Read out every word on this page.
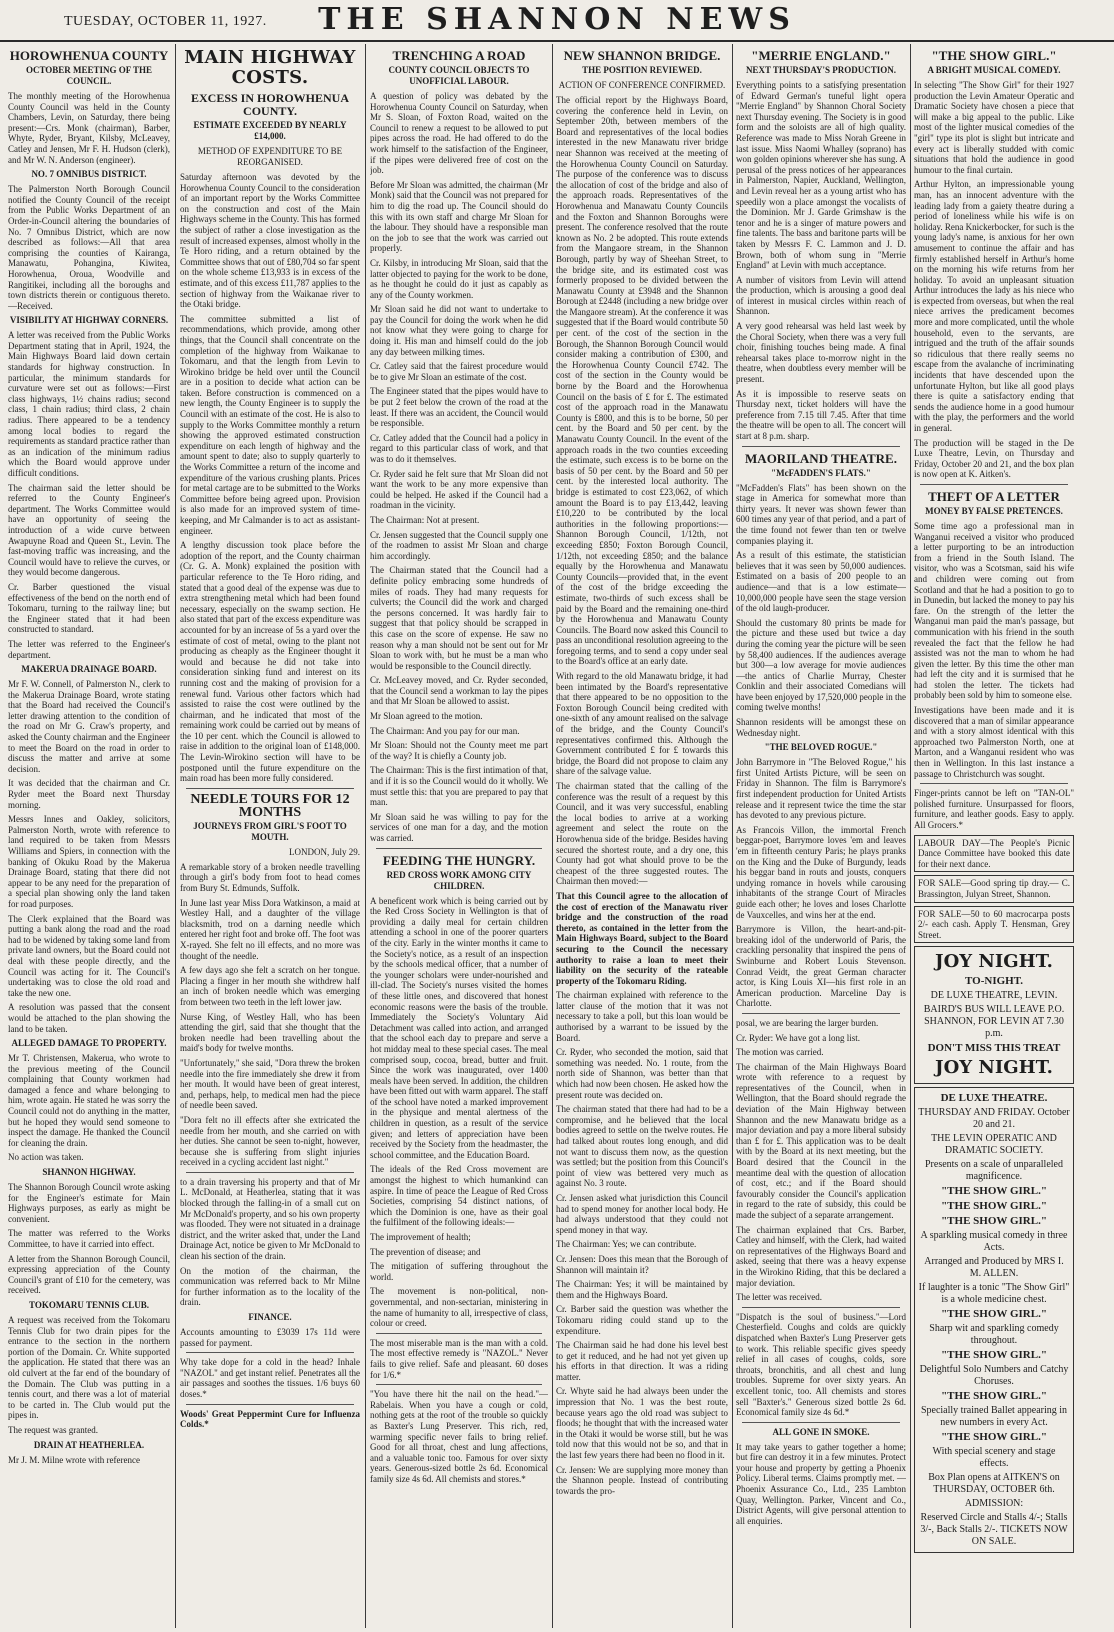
TUESDAY, OCTOBER 11, 1927.	THE SHANNON NEWS
HOROWHENUA COUNTY
OCTOBER MEETING OF THE COUNCIL.

The monthly meeting of the Horowhenua County Council was held in the County Chambers, Levin, on Saturday, there being present:—Crs. Monk (chairman), Barber, Whyte, Ryder, Bryant, Kilsby, McLeavey, Catley and Jensen, Mr F. H. Hudson (clerk), and Mr W. N. Anderson (engineer).

NO. 7 OMNIBUS DISTRICT.

The Palmerston North Borough Council notified the County Council of the receipt from the Public Works Department of an Order-in-Council altering the boundaries of No. 7 Omnibus District, which are now described as follows:—All that area comprising the counties of Kairanga, Manawatu, Pohangina, Kiwitea, Horowhenua, Oroua, Woodville and Rangitikei, including all the boroughs and town districts therein or contiguous thereto.—Received.

VISIBILITY AT HIGHWAY CORNERS.

A letter was received from the Public Works Department stating that in April, 1924, the Main Highways Board laid down certain standards for highway construction. In particular, the minimum standards for curvature were set out as follows:—First class highways, 1½ chains radius; second class, 1 chain radius; third class, 2 chain radius. There appeared to be a tendency among local bodies to regard the requirements as standard practice rather than as an indication of the minimum radius which the Board would approve under difficult conditions.

The chairman said the letter should be referred to the County Engineer's department. The Works Committee would have an opportunity of seeing the introduction of a wide curve between Awapuyne Road and Queen St., Levin. The fast-moving traffic was increasing, and the Council would have to relieve the curves, or they would become dangerous.

Cr. Barber questioned the visual effectiveness of the bend on the north end of Tokomaru, turning to the railway line; but the Engineer stated that it had been constructed to standard.

The letter was referred to the Engineer's department.

MAKERUA DRAINAGE BOARD.

Mr F. W. Connell, of Palmerston N., clerk to the Makerua Drainage Board, wrote stating that the Board had received the Council's letter drawing attention to the condition of the road on Mr G. Craw's property, and asked the County chairman and the Engineer to meet the Board on the road in order to discuss the matter and arrive at some decision.

It was decided that the chairman and Cr. Ryder meet the Board next Thursday morning.

Messrs Innes and Oakley, solicitors, Palmerston North, wrote with reference to land required to be taken from Messrs Williams and Spiers, in connection with the banking of Okuku Road by the Makerua Drainage Board, stating that there did not appear to be any need for the preparation of a special plan showing only the land taken for road purposes.

The Clerk explained that the Board was putting a bank along the road and the road had to be widened by taking some land from private land owners, but the Board could not deal with these people directly, and the Council was acting for it. The Council's undertaking was to close the old road and take the new one.

A resolution was passed that the consent would be attached to the plan showing the land to be taken.

ALLEGED DAMAGE TO PROPERTY.

Mr T. Christensen, Makerua, who wrote to the previous meeting of the Council complaining that County workmen had damaged a fence and whare belonging to him, wrote again. He stated he was sorry the Council could not do anything in the matter, but he hoped they would send someone to inspect the damage. He thanked the Council for cleaning the drain.

No action was taken.

SHANNON HIGHWAY.

The Shannon Borough Council wrote asking for the Engineer's estimate for Main Highways purposes, as early as might be convenient.

The matter was referred to the Works Committee, to have it carried into effect.

A letter from the Shannon Borough Council, expressing appreciation of the County Council's grant of £10 for the cemetery, was received.

TOKOMARU TENNIS CLUB.

A request was received from the Tokomaru Tennis Club for two drain pipes for the entrance to the section in the northern portion of the Domain. Cr. White supported the application. He stated that there was an old culvert at the far end of the boundary of the Domain. The Club was putting in a tennis court, and there was a lot of material to be carted in. The Club would put the pipes in.

The request was granted.

DRAIN AT HEATHERLEA.

Mr J. M. Milne wrote with reference

MAIN HIGHWAY COSTS.
EXCESS IN HOROWHENUA COUNTY.
ESTIMATE EXCEEDED BY NEARLY £14,000.
METHOD OF EXPENDITURE TO BE REORGANISED.

Saturday afternoon was devoted by the Horowhenua County Council to the consideration of an important report by the Works Committee on the construction and cost of the Main Highways scheme in the County. This has formed the subject of rather a close investigation as the result of increased expenses, almost wholly in the Te Horo riding, and a return obtained by the Committee shows that out of £80,704 so far spent on the whole scheme £13,933 is in excess of the estimate, and of this excess £11,787 applies to the section of highway from the Waikanae river to the Otaki bridge.

The committee submitted a list of recommendations, which provide, among other things, that the Council shall concentrate on the completion of the highway from Waikanae to Tokomaru, and that the length from Levin to Wirokino bridge be held over until the Council are in a position to decide what action can be taken. Before construction is commenced on a new length, the County Engineer is to supply the Council with an estimate of the cost. He is also to supply to the Works Committee monthly a return showing the approved estimated construction expenditure on each length of highway and the amount spent to date; also to supply quarterly to the Works Committee a return of the income and expenditure of the various crushing plants. Prices for metal cartage are to be submitted to the Works Committee before being agreed upon. Provision is also made for an improved system of time-keeping, and Mr Calmander is to act as assistant-engineer.

A lengthy discussion took place before the adoption of the report, and the County chairman (Cr. G. A. Monk) explained the position with particular reference to the Te Horo riding, and stated that a good deal of the expense was due to extra strengthening metal which had been found necessary, especially on the swamp section. He also stated that part of the excess expenditure was accounted for by an increase of 5s a yard over the estimate of cost of metal, owing to the plant not producing as cheaply as the Engineer thought it would and because he did not take into consideration sinking fund and interest on its running cost and the making of provision for a renewal fund. Various other factors which had assisted to raise the cost were outlined by the chairman, and he indicated that most of the remaining work could be carried out by means of the 10 per cent. which the Council is allowed to raise in addition to the original loan of £148,000. The Levin-Wirokino section will have to be postponed until the future expenditure on the main road has been more fully considered.

NEEDLE TOURS FOR 12 MONTHS
JOURNEYS FROM GIRL'S FOOT TO MOUTH.
LONDON, July 29.

A remarkable story of a broken needle travelling through a girl's body from foot to head comes from Bury St. Edmunds, Suffolk.

In June last year Miss Dora Watkinson, a maid at Westley Hall, and a daughter of the village blacksmith, trod on a darning needle which entered her right foot and broke off. The foot was X-rayed. She felt no ill effects, and no more was thought of the needle.

A few days ago she felt a scratch on her tongue. Placing a finger in her mouth she withdrew half an inch of broken needle which was emerging from between two teeth in the left lower jaw.

Nurse King, of Westley Hall, who has been attending the girl, said that she thought that the broken needle had been travelling about the maid's body for twelve months.

"Unfortunately," she said, "Dora threw the broken needle into the fire immediately she drew it from her mouth. It would have been of great interest, and, perhaps, help, to medical men had the piece of needle been saved.

"Dora felt no ill effects after she extricated the needle from her mouth, and she carried on with her duties. She cannot be seen to-night, however, because she is suffering from slight injuries received in a cycling accident last night."

to a drain traversing his property and that of Mr L. McDonald, at Heatherlea, stating that it was blocked through the falling-in of a small cut on Mr McDonald's property, and so his own property was flooded. They were not situated in a drainage district, and the writer asked that, under the Land Drainage Act, notice be given to Mr McDonald to clean his section of the drain.

On the motion of the chairman, the communication was referred back to Mr Milne for further information as to the locality of the drain.

FINANCE.

Accounts amounting to £3039 17s 11d were passed for payment.

Why take dope for a cold in the head? Inhale "NAZOL" and get instant relief. Penetrates all the air passages and soothes the tissues. 1/6 buys 60 doses.*

Woods' Great Peppermint Cure for Influenza Colds.*

TRENCHING A ROAD
COUNTY COUNCIL OBJECTS TO UNOFFICIAL LABOUR.

A question of policy was debated by the Horowhenua County Council on Saturday, when Mr S. Sloan, of Foxton Road, waited on the Council to renew a request to be allowed to put pipes across the road. He had offered to do the work himself to the satisfaction of the Engineer, if the pipes were delivered free of cost on the job.

Before Mr Sloan was admitted, the chairman (Mr Monk) said that the Council was not prepared for him to dig the road up. The Council should do this with its own staff and charge Mr Sloan for the labour. They should have a responsible man on the job to see that the work was carried out properly.

Cr. Kilsby, in introducing Mr Sloan, said that the latter objected to paying for the work to be done, as he thought he could do it just as capably as any of the County workmen.

Mr Sloan said he did not want to undertake to pay the Council for doing the work when he did not know what they were going to charge for doing it. His man and himself could do the job any day between milking times.

Cr. Catley said that the fairest procedure would be to give Mr Sloan an estimate of the cost.

The Engineer stated that the pipes would have to be put 2 feet below the crown of the road at the least. If there was an accident, the Council would be responsible.

Cr. Catley added that the Council had a policy in regard to this particular class of work, and that was to do it themselves.

Cr. Ryder said he felt sure that Mr Sloan did not want the work to be any more expensive than could be helped. He asked if the Council had a roadman in the vicinity.

The Chairman: Not at present.

Cr. Jensen suggested that the Council supply one of the roadmen to assist Mr Sloan and charge him accordingly.

The Chairman stated that the Council had a definite policy embracing some hundreds of miles of roads. They had many requests for culverts; the Council did the work and charged the persons concerned. It was hardly fair to suggest that that policy should be scrapped in this case on the score of expense. He saw no reason why a man should not be sent out for Mr Sloan to work with, but he must be a man who would be responsible to the Council directly.

Cr. McLeavey moved, and Cr. Ryder seconded, that the Council send a workman to lay the pipes and that Mr Sloan be allowed to assist.

Mr Sloan agreed to the motion.

The Chairman: And you pay for our man.

Mr Sloan: Should not the County meet me part of the way? It is chiefly a County job.

The Chairman: This is the first intimation of that, and if it is so the Council would do it wholly. We must settle this: that you are prepared to pay that man.

Mr Sloan said he was willing to pay for the services of one man for a day, and the motion was carried.

FEEDING THE HUNGRY.
RED CROSS WORK AMONG CITY CHILDREN.

A beneficent work which is being carried out by the Red Cross Society in Wellington is that of providing a daily meal for certain children attending a school in one of the poorer quarters of the city. Early in the winter months it came to the Society's notice, as a result of an inspection by the schools medical officer, that a number of the younger scholars were under-nourished and ill-clad. The Society's nurses visited the homes of these little ones, and discovered that honest economic reasons were the basis of the trouble. Immediately the Society's Voluntary Aid Detachment was called into action, and arranged that the school each day to prepare and serve a hot midday meal to these special cases. The meal comprised soup, cocoa, bread, butter and fruit. Since the work was inaugurated, over 1400 meals have been served. In addition, the children have been fitted out with warm apparel. The staff of the school have noted a marked improvement in the physique and mental alertness of the children in question, as a result of the service given; and letters of appreciation have been received by the Society from the headmaster, the school committee, and the Education Board.

The ideals of the Red Cross movement are amongst the highest to which humankind can aspire. In time of peace the League of Red Cross Societies, comprising 54 distinct nations, of which the Dominion is one, have as their goal the fulfilment of the following ideals:—

The improvement of health;

The prevention of disease; and

The mitigation of suffering throughout the world.

The movement is non-political, non-governmental, and non-sectarian, ministering in the name of humanity to all, irrespective of class, colour or creed.

The most miserable man is the man with a cold. The most effective remedy is "NAZOL." Never fails to give relief. Safe and pleasant. 60 doses for 1/6.*

"You have there hit the nail on the head."—Rabelais. When you have a cough or cold, nothing gets at the root of the trouble so quickly as Baxter's Lung Preserver. This rich, red, warming specific never fails to bring relief. Good for all throat, chest and lung affections, and a valuable tonic too. Famous for over sixty years. Generous-sized bottle 2s 6d. Economical family size 4s 6d. All chemists and stores.*

NEW SHANNON BRIDGE.
THE POSITION REVIEWED.
ACTION OF CONFERENCE CONFIRMED.

The official report by the Highways Board, covering the conference held in Levin, on September 20th, between members of the Board and representatives of the local bodies interested in the new Manawatu river bridge near Shannon was received at the meeting of the Horowhenua County Council on Saturday. The purpose of the conference was to discuss the allocation of cost of the bridge and also of the approach roads. Representatives of the Horowhenua and Manawatu County Councils and the Foxton and Shannon Boroughs were present. The conference resolved that the route known as No. 2 be adopted. This route extends from the Mangaore stream, in the Shannon Borough, partly by way of Sheehan Street, to the bridge site, and its estimated cost was formerly proposed to be divided between the Manawatu County at £3948 and the Shannon Borough at £2448 (including a new bridge over the Mangaore stream). At the conference it was suggested that if the Board would contribute 50 per cent. of the cost of the section in the Borough, the Shannon Borough Council would consider making a contribution of £300, and the Horowhenua County Council £742. The cost of the section in the County would be borne by the Board and the Horowhenua Council on the basis of £ for £. The estimated cost of the approach road in the Manawatu County is £800, and this is to be borne, 50 per cent. by the Board and 50 per cent. by the Manawatu County Council. In the event of the approach roads in the two counties exceeding the estimate, such excess is to be borne on the basis of 50 per cent. by the Board and 50 per cent. by the interested local authority. The bridge is estimated to cost £23,062, of which amount the Board is to pay £13,442, leaving £10,220 to be contributed by the local authorities in the following proportions:—Shannon Borough Council, 1/12th, not exceeding £850; Foxton Borough Council, 1/12th, not exceeding £850; and the balance equally by the Horowhenua and Manawatu County Councils—provided that, in the event of the cost of the bridge exceeding the estimate, two-thirds of such excess shall be paid by the Board and the remaining one-third by the Horowhenua and Manawatu County Councils. The Board now asked this Council to pass an unconditional resolution agreeing to the foregoing terms, and to send a copy under seal to the Board's office at an early date.

With regard to the old Manawatu bridge, it had been intimated by the Board's representative that there appeared to be no opposition to the Foxton Borough Council being credited with one-sixth of any amount realised on the salvage of the bridge, and the County Council's representatives confirmed this. Although the Government contributed £ for £ towards this bridge, the Board did not propose to claim any share of the salvage value.

The chairman stated that the calling of the conference was the result of a request by this Council, and it was very successful, enabling the local bodies to arrive at a working agreement and select the route on the Horowhenua side of the bridge. Besides having secured the shortest route, and a dry one, this County had got what should prove to be the cheapest of the three suggested routes. The Chairman then moved:—

That this Council agree to the allocation of the cost of erection of the Manawatu river bridge and the construction of the road thereto, as contained in the letter from the Main Highways Board, subject to the Board securing to the Council the necessary authority to raise a loan to meet their liability on the security of the rateable property of the Tokomaru Riding.

The chairman explained with reference to the latter clause of the motion that it was not necessary to take a poll, but this loan would be authorised by a warrant to be issued by the Board.

Cr. Ryder, who seconded the motion, said that something was needed. No. 1 route, from the north side of Shannon, was better than that which had now been chosen. He asked how the present route was decided on.

The chairman stated that there had had to be a compromise, and he believed that the local bodies agreed to settle on the twelve routes. He had talked about routes long enough, and did not want to discuss them now, as the question was settled; but the position from this Council's point of view was bettered very much as against No. 3 route.

Cr. Jensen asked what jurisdiction this Council had to spend money for another local body. He had always understood that they could not spend money in that way.

The Chairman: Yes; we can contribute.

Cr. Jensen: Does this mean that the Borough of Shannon will maintain it?

The Chairman: Yes; it will be maintained by them and the Highways Board.

Cr. Barber said the question was whether the Tokomaru riding could stand up to the expenditure.

The Chairman said he had done his level best to get it reduced, and he had not yet given up his efforts in that direction. It was a riding matter.

Cr. Whyte said he had always been under the impression that No. 1 was the best route, because years ago the old road was subject to floods; he thought that with the increased water in the Otaki it would be worse still, but he was told now that this would not be so, and that in the last few years there had been no flood in it.

Cr. Jensen: We are supplying more money than the Shannon people. Instead of contributing towards the pro-

"MERRIE ENGLAND."
NEXT THURSDAY'S PRODUCTION.

Everything points to a satisfying presentation of Edward German's tuneful light opera "Merrie England" by Shannon Choral Society next Thursday evening. The Society is in good form and the soloists are all of high quality. Reference was made to Miss Norah Greene in last issue. Miss Naomi Whalley (soprano) has won golden opinions wherever she has sung. A perusal of the press notices of her appearances in Palmerston, Napier, Auckland, Wellington, and Levin reveal her as a young artist who has speedily won a place amongst the vocalists of the Dominion. Mr J. Garde Grimshaw is the tenor and he is a singer of mature powers and fine talents. The bass and baritone parts will be taken by Messrs F. C. Lammon and J. D. Brown, both of whom sung in "Merrie England" at Levin with much acceptance.

A number of visitors from Levin will attend the production, which is arousing a good deal of interest in musical circles within reach of Shannon.

A very good rehearsal was held last week by the Choral Society, when there was a very full choir, finishing touches being made. A final rehearsal takes place to-morrow night in the theatre, when doubtless every member will be present.

As it is impossible to reserve seats on Thursday next, ticket holders will have the preference from 7.15 till 7.45. After that time the theatre will be open to all. The concert will start at 8 p.m. sharp.

MAORILAND THEATRE.
"McFADDEN'S FLATS."

"McFadden's Flats" has been shown on the stage in America for somewhat more than thirty years. It never was shown fewer than 600 times any year of that period, and a part of the time found not fewer than ten or twelve companies playing it.

As a result of this estimate, the statistician believes that it was seen by 50,000 audiences. Estimated on a basis of 200 people to an audience—and that is a low estimate—10,000,000 people have seen the stage version of the old laugh-producer.

Should the customary 80 prints be made for the picture and these used but twice a day during the coming year the picture will be seen by 58,400 audiences. If the audiences average but 300—a low average for movie audiences—the antics of Charlie Murray, Chester Conklin and their associated Comedians will have been enjoyed by 17,520,000 people in the coming twelve months!

Shannon residents will be amongst these on Wednesday night.

"THE BELOVED ROGUE."

John Barrymore in "The Beloved Rogue," his first United Artists Picture, will be seen on Friday in Shannon. The film is Barrymore's first independent production for United Artists release and it represent twice the time the star has devoted to any previous picture.

As Francois Villon, the immortal French beggar-poet, Barrymore loves 'em and leaves 'em in fifteenth century Paris; he plays pranks on the King and the Duke of Burgundy, leads his beggar band in routs and jousts, conquers undying romance in hovels while carousing inhabitants of the strange Court of Miracles guide each other; he loves and loses Charlotte de Vauxcelles, and wins her at the end.

Barrymore is Villon, the heart-and-pit-breaking idol of the underworld of Paris, the crackling personality that inspired the pens of Swinburne and Robert Louis Stevenson. Conrad Veidt, the great German character actor, is King Louis XI—his first role in an American production. Marceline Day is Charlotte.

posal, we are bearing the larger burden.

Cr. Ryder: We have got a long list.

The motion was carried.

The chairman of the Main Highways Board wrote with reference to a request by representatives of the Council, when in Wellington, that the Board should regrade the deviation of the Main Highway between Shannon and the new Manawatu bridge as a major deviation and pay a more liberal subsidy than £ for £. This application was to be dealt with by the Board at its next meeting, but the Board desired that the Council in the meantime deal with the question of allocation of cost, etc.; and if the Board should favourably consider the Council's application in regard to the rate of subsidy, this could be made the subject of a separate arrangement.

The chairman explained that Crs. Barber, Catley and himself, with the Clerk, had waited on representatives of the Highways Board and asked, seeing that there was a heavy expense in the Wirokino Riding, that this be declared a major deviation.

The letter was received.

"Dispatch is the soul of business."—Lord Chesterfield. Coughs and colds are quickly dispatched when Baxter's Lung Preserver gets to work. This reliable specific gives speedy relief in all cases of coughs, colds, sore throats, bronchitis, and all chest and lung troubles. Supreme for over sixty years. An excellent tonic, too. All chemists and stores sell "Baxter's." Generous sized bottle 2s 6d. Economical family size 4s 6d.*

ALL GONE IN SMOKE.

It may take years to gather together a home; but fire can destroy it in a few minutes. Protect your house and property by getting a Phoenix Policy. Liberal terms. Claims promptly met. —Phoenix Assurance Co., Ltd., 235 Lambton Quay, Wellington. Parker, Vincent and Co., District Agents, will give personal attention to all enquiries.

"THE SHOW GIRL."
A BRIGHT MUSICAL COMEDY.

In selecting "The Show Girl" for their 1927 production the Levin Amateur Operatic and Dramatic Society have chosen a piece that will make a big appeal to the public. Like most of the lighter musical comedies of the "girl" type its plot is slight but intricate and every act is liberally studded with comic situations that hold the audience in good humour to the final curtain.

Arthur Hylton, an impressionable young man, has an innocent adventure with the leading lady from a gaiety theatre during a period of loneliness while his wife is on holiday. Rena Knickerbocker, for such is the young lady's name, is anxious for her own amusement to continue the affair and has firmly established herself in Arthur's home on the morning his wife returns from her holiday. To avoid an unpleasant situation Arthur introduces the lady as his niece who is expected from overseas, but when the real niece arrives the predicament becomes more and more complicated, until the whole household, even to the servants, are intrigued and the truth of the affair sounds so ridiculous that there really seems no escape from the avalanche of incriminating incidents that have descended upon the unfortunate Hylton, but like all good plays there is quite a satisfactory ending that sends the audience home in a good humour with the play, the performers and the world in general.

The production will be staged in the De Luxe Theatre, Levin, on Thursday and Friday, October 20 and 21, and the box plan is now open at K. Aitken's.

THEFT OF A LETTER
MONEY BY FALSE PRETENCES.

Some time ago a professional man in Wanganui received a visitor who produced a letter purporting to be an introduction from a friend in the South Island. The visitor, who was a Scotsman, said his wife and children were coming out from Scotland and that he had a position to go to in Dunedin, but lacked the money to pay his fare. On the strength of the letter the Wanganui man paid the man's passage, but communication with his friend in the south revealed the fact that the fellow he had assisted was not the man to whom he had given the letter. By this time the other man had left the city and it is surmised that he had stolen the letter. The tickets had probably been sold by him to someone else.

Investigations have been made and it is discovered that a man of similar appearance and with a story almost identical with this approached two Palmerston North, one at Marton, and a Wanganui resident who was then in Wellington. In this last instance a passage to Christchurch was sought.

Finger-prints cannot be left on "TAN-OL" polished furniture. Unsurpassed for floors, furniture, and leather goods. Easy to apply. All Grocers.*

LABOUR DAY—The People's Picnic Dance Committee have booked this date for their next dance.

FOR SALE—Good spring tip dray.— C. Brassington, Julyan Street, Shannon.

FOR SALE—50 to 60 macrocarpa posts 2/- each cash. Apply T. Hensman, Grey Street.

JOY NIGHT.
TO-NIGHT.
DE LUXE THEATRE, LEVIN.
BAIRD'S BUS WILL LEAVE P.O. SHANNON, FOR LEVIN AT 7.30 p.m.
DON'T MISS THIS TREAT
JOY NIGHT.
DE LUXE THEATRE.
THURSDAY AND FRIDAY. October 20 and 21.
THE LEVIN OPERATIC AND DRAMATIC SOCIETY.
Presents on a scale of unparalleled magnificence.
"THE SHOW GIRL."
"THE SHOW GIRL."
"THE SHOW GIRL."
A sparkling musical comedy in three Acts.
Arranged and Produced by MRS I. M. ALLEN.
If laughter is a tonic "The Show Girl" is a whole medicine chest.
"THE SHOW GIRL."
Sharp wit and sparkling comedy throughout.
"THE SHOW GIRL."
Delightful Solo Numbers and Catchy Choruses.
"THE SHOW GIRL."
Specially trained Ballet appearing in new numbers in every Act.
"THE SHOW GIRL."
With special scenery and stage effects.
Box Plan opens at AITKEN'S on THURSDAY, OCTOBER 6th.
ADMISSION:
Reserved Circle and Stalls 4/-; Stalls 3/-, Back Stalls 2/-. TICKETS NOW ON SALE.
